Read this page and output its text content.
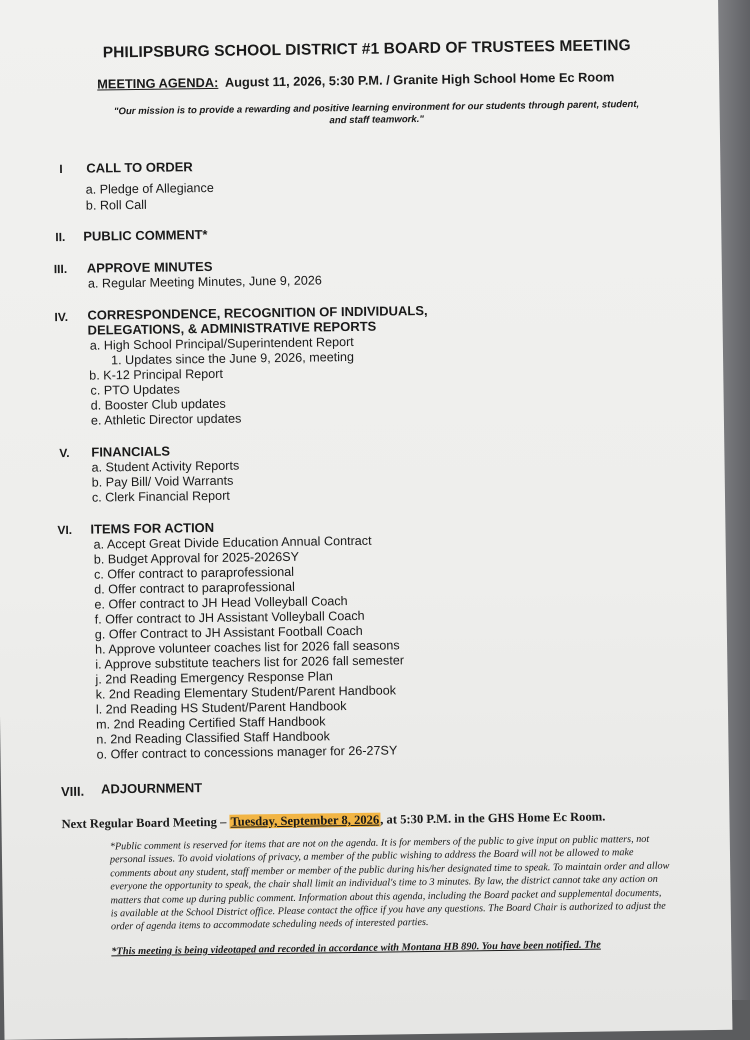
PHILIPSBURG SCHOOL DISTRICT #1 BOARD OF TRUSTEES MEETING
MEETING AGENDA: August 11, 2026, 5:30 P.M. / Granite High School Home Ec Room
"Our mission is to provide a rewarding and positive learning environment for our students through parent, student, and staff teamwork."
I CALL TO ORDER
a. Pledge of Allegiance
b. Roll Call
II. PUBLIC COMMENT*
III. APPROVE MINUTES
a. Regular Meeting Minutes, June 9, 2026
IV. CORRESPONDENCE, RECOGNITION OF INDIVIDUALS,
DELEGATIONS, & ADMINISTRATIVE REPORTS
a. High School Principal/Superintendent Report
1. Updates since the June 9, 2026, meeting
b. K-12 Principal Report
c. PTO Updates
d. Booster Club updates
e. Athletic Director updates
V. FINANCIALS
a. Student Activity Reports
b. Pay Bill/ Void Warrants
c. Clerk Financial Report
VI. ITEMS FOR ACTION
a. Accept Great Divide Education Annual Contract
b. Budget Approval for 2025-2026SY
c. Offer contract to paraprofessional
d. Offer contract to paraprofessional
e. Offer contract to JH Head Volleyball Coach
f. Offer contract to JH Assistant Volleyball Coach
g. Offer Contract to JH Assistant Football Coach
h. Approve volunteer coaches list for 2026 fall seasons
i. Approve substitute teachers list for 2026 fall semester
j. 2nd Reading Emergency Response Plan
k. 2nd Reading Elementary Student/Parent Handbook
l. 2nd Reading HS Student/Parent Handbook
m. 2nd Reading Certified Staff Handbook
n. 2nd Reading Classified Staff Handbook
o. Offer contract to concessions manager for 26-27SY
VIII. ADJOURNMENT
Next Regular Board Meeting – Tuesday, September 8, 2026, at 5:30 P.M. in the GHS Home Ec Room.
*Public comment is reserved for items that are not on the agenda. It is for members of the public to give input on public matters, not personal issues. To avoid violations of privacy, a member of the public wishing to address the Board will not be allowed to make comments about any student, staff member or member of the public during his/her designated time to speak. To maintain order and allow everyone the opportunity to speak, the chair shall limit an individual's time to 3 minutes. By law, the district cannot take any action on matters that come up during public comment. Information about this agenda, including the Board packet and supplemental documents, is available at the School District office. Please contact the office if you have any questions. The Board Chair is authorized to adjust the order of agenda items to accommodate scheduling needs of interested parties.
*This meeting is being videotaped and recorded in accordance with Montana HB 890. You have been notified. The
